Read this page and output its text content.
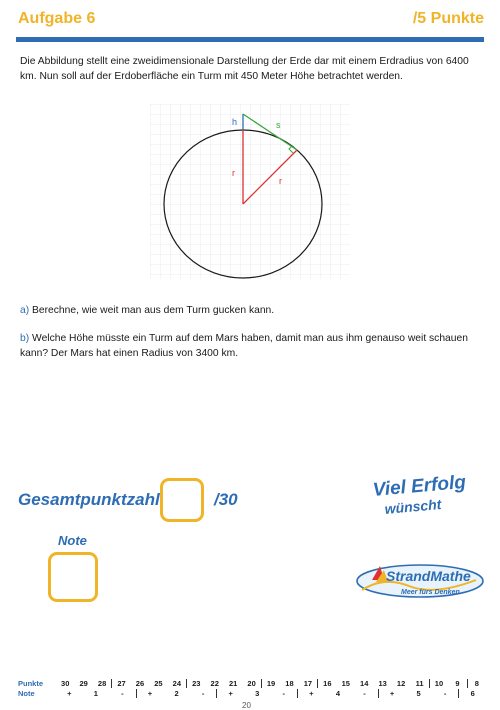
Aufgabe 6	/5 Punkte
Die Abbildung stellt eine zweidimensionale Darstellung der Erde dar mit einem Erdradius von 6400 km. Nun soll auf der Erdoberfläche ein Turm mit 450 Meter Höhe betrachtet werden.
h	s
r
r
a) Berechne, wie weit man aus dem Turm gucken kann.
b) Welche Höhe müsste ein Turm auf dem Mars haben, damit man aus ihm genauso weit schauen kann? Der Mars hat einen Radius von 3400 km.
Gesamtpunktzahl	/30
Note
Viel Erfolg
wünscht
StrandMathe
Meer fürs Denken
Punkte	30	29	28	27	26	25	24	23	22	21	20	19	18	17	16	15	14	13	12	11	10	9	8
Note	+	1	-	+	2	-	+	3	-	+	4	-	+	5	-	6
20
